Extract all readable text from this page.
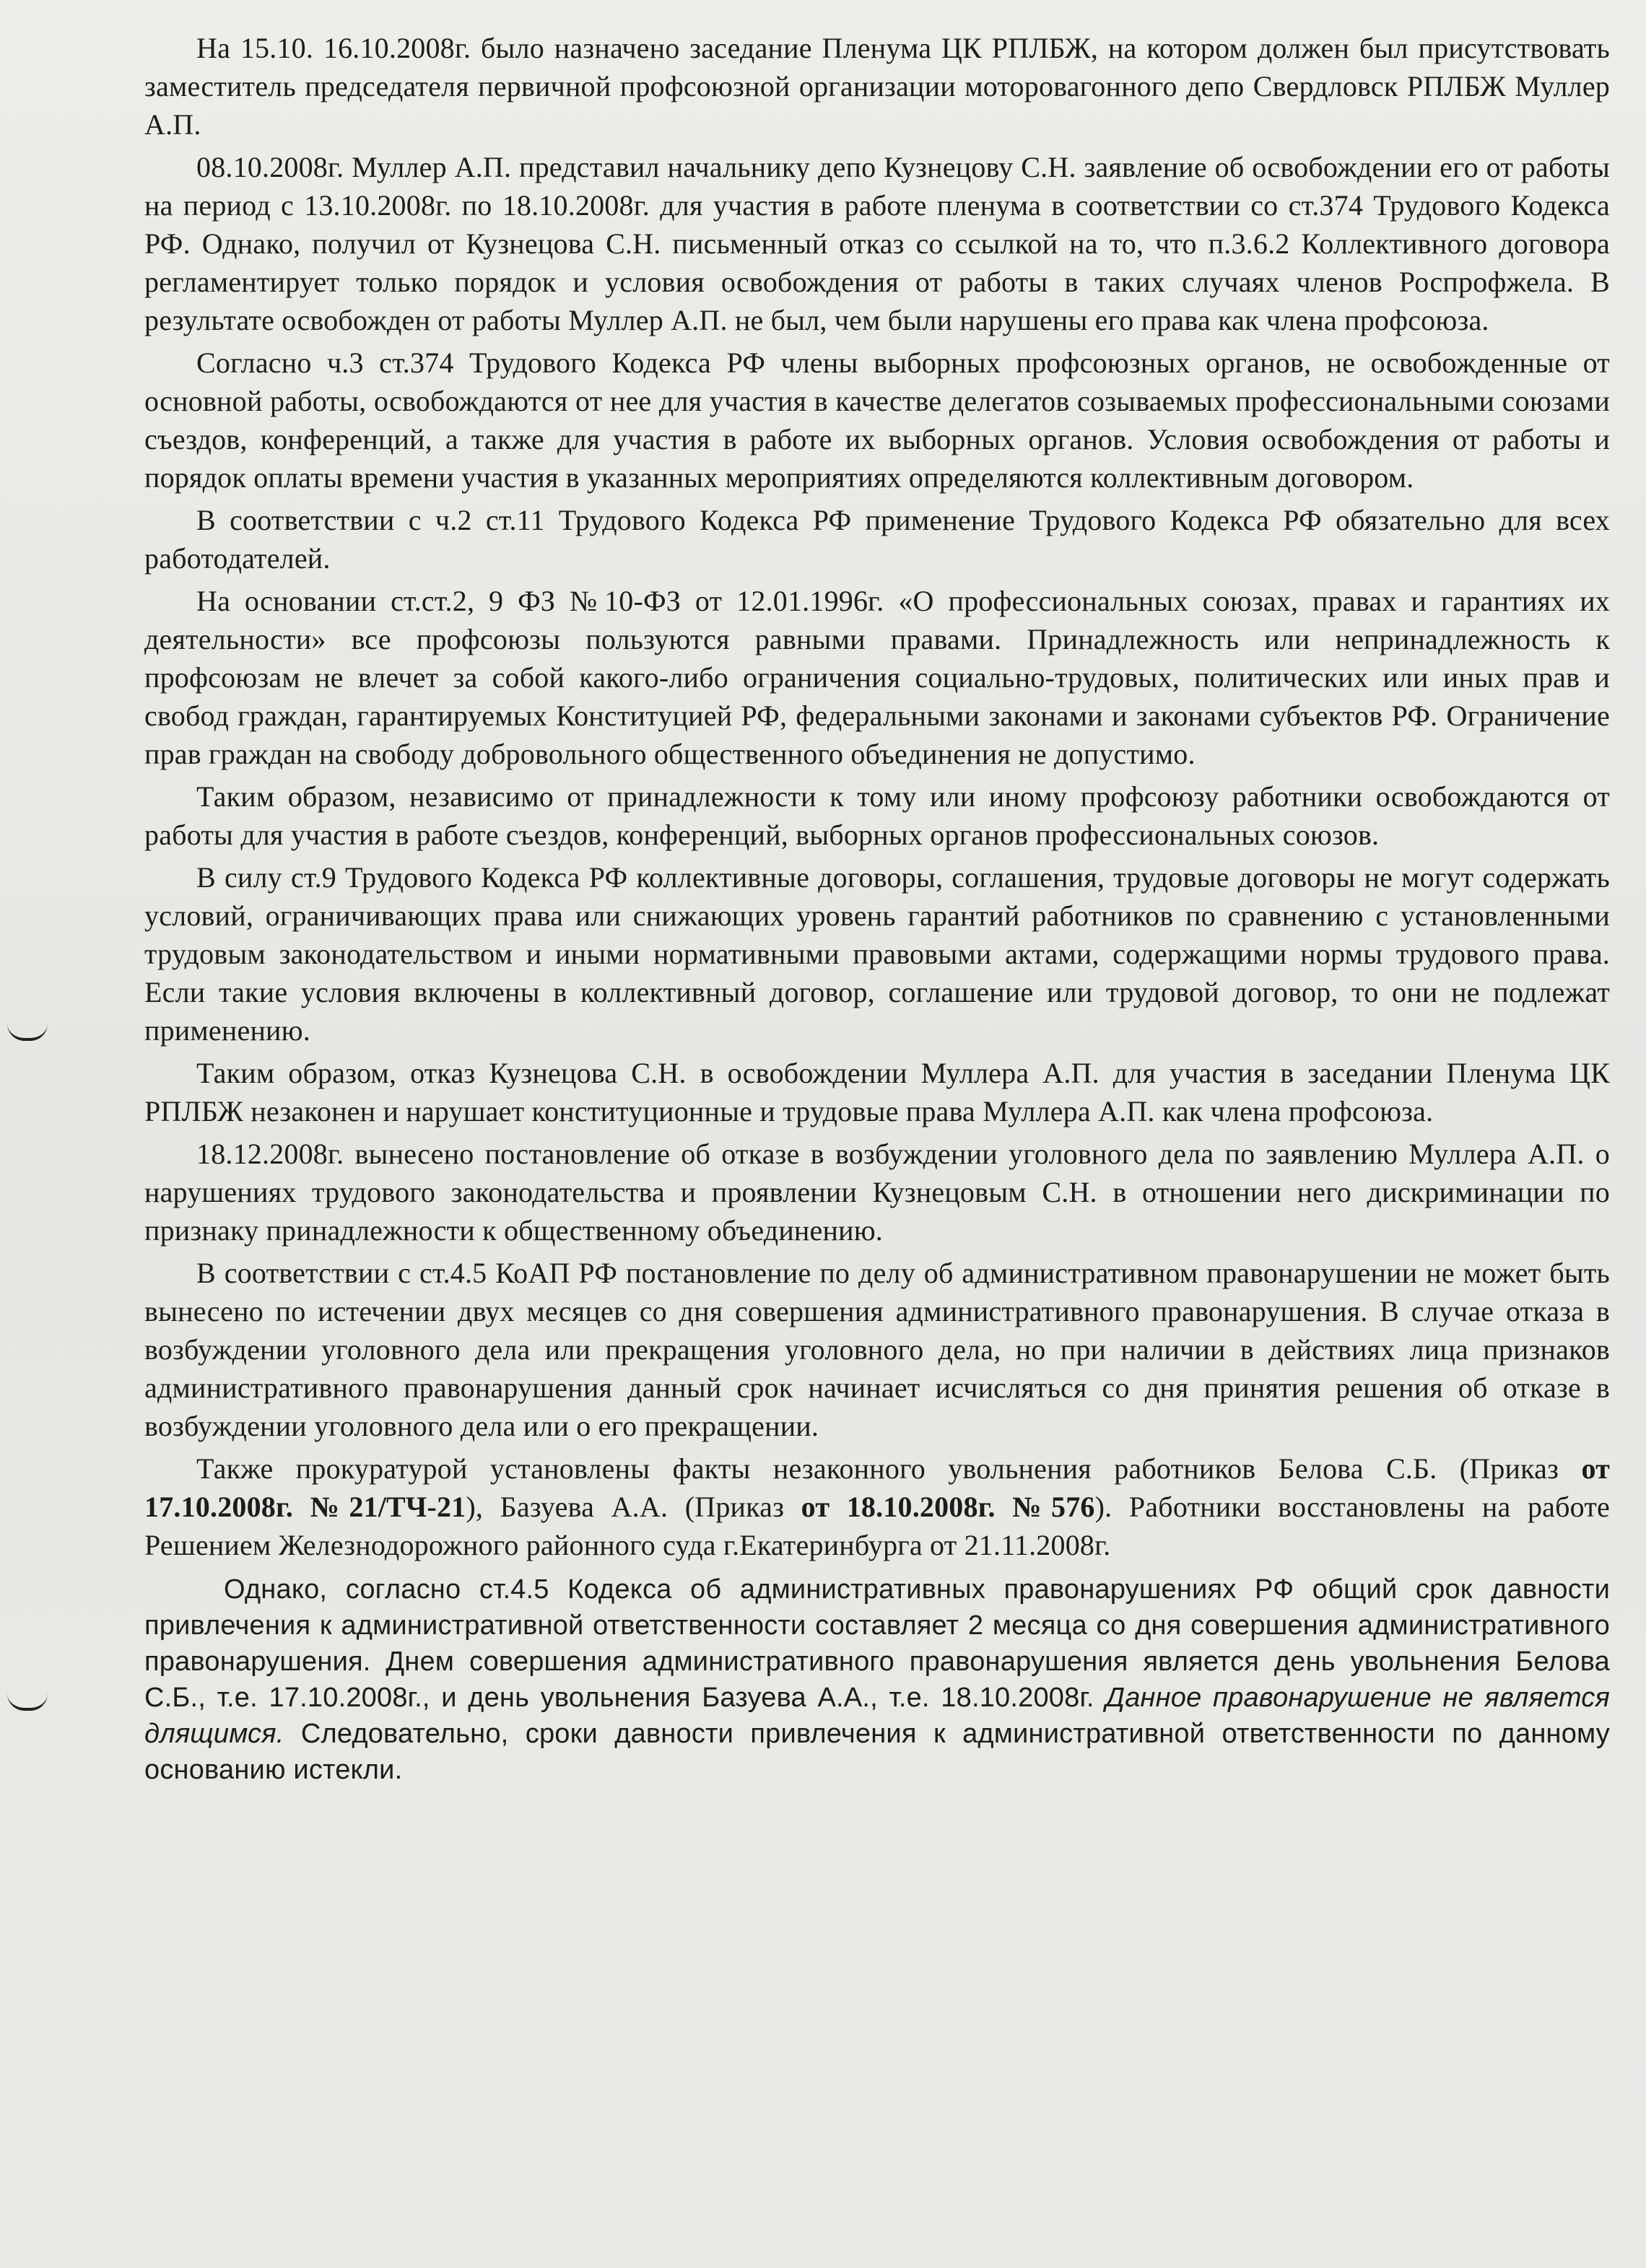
На 15.10. 16.10.2008г. было назначено заседание Пленума ЦК РПЛБЖ, на котором должен был присутствовать заместитель председателя первичной профсоюзной организации моторовагонного депо Свердловск РПЛБЖ Муллер А.П.

08.10.2008г. Муллер А.П. представил начальнику депо Кузнецову С.Н. заявление об освобождении его от работы на период с 13.10.2008г. по 18.10.2008г. для участия в работе пленума в соответствии со ст.374 Трудового Кодекса РФ. Однако, получил от Кузнецова С.Н. письменный отказ со ссылкой на то, что п.3.6.2 Коллективного договора регламентирует только порядок и условия освобождения от работы в таких случаях членов Роспрофжела. В результате освобожден от работы Муллер А.П. не был, чем были нарушены его права как члена профсоюза.

Согласно ч.3 ст.374 Трудового Кодекса РФ члены выборных профсоюзных органов, не освобожденные от основной работы, освобождаются от нее для участия в качестве делегатов созываемых профессиональными союзами съездов, конференций, а также для участия в работе их выборных органов. Условия освобождения от работы и порядок оплаты времени участия в указанных мероприятиях определяются коллективным договором.

В соответствии с ч.2 ст.11 Трудового Кодекса РФ применение Трудового Кодекса РФ обязательно для всех работодателей.

На основании ст.ст.2, 9 ФЗ №10-ФЗ от 12.01.1996г. «О профессиональных союзах, правах и гарантиях их деятельности» все профсоюзы пользуются равными правами. Принадлежность или непринадлежность к профсоюзам не влечет за собой какого-либо ограничения социально-трудовых, политических или иных прав и свобод граждан, гарантируемых Конституцией РФ, федеральными законами и законами субъектов РФ. Ограничение прав граждан на свободу добровольного общественного объединения не допустимо.

Таким образом, независимо от принадлежности к тому или иному профсоюзу работники освобождаются от работы для участия в работе съездов, конференций, выборных органов профессиональных союзов.

В силу ст.9 Трудового Кодекса РФ коллективные договоры, соглашения, трудовые договоры не могут содержать условий, ограничивающих права или снижающих уровень гарантий работников по сравнению с установленными трудовым законодательством и иными нормативными правовыми актами, содержащими нормы трудового права. Если такие условия включены в коллективный договор, соглашение или трудовой договор, то они не подлежат применению.

Таким образом, отказ Кузнецова С.Н. в освобождении Муллера А.П. для участия в заседании Пленума ЦК РПЛБЖ незаконен и нарушает конституционные и трудовые права Муллера А.П. как члена профсоюза.

18.12.2008г. вынесено постановление об отказе в возбуждении уголовного дела по заявлению Муллера А.П. о нарушениях трудового законодательства и проявлении Кузнецовым С.Н. в отношении него дискриминации по признаку принадлежности к общественному объединению.

В соответствии с ст.4.5 КоАП РФ постановление по делу об административном правонарушении не может быть вынесено по истечении двух месяцев со дня совершения административного правонарушения. В случае отказа в возбуждении уголовного дела или прекращения уголовного дела, но при наличии в действиях лица признаков административного правонарушения данный срок начинает исчисляться со дня принятия решения об отказе в возбуждении уголовного дела или о его прекращении.

Также прокуратурой установлены факты незаконного увольнения работников Белова С.Б. (Приказ от 17.10.2008г. №21/ТЧ-21), Базуева А.А. (Приказ от 18.10.2008г. №576). Работники восстановлены на работе Решением Железнодорожного районного суда г.Екатеринбурга от 21.11.2008г.

Однако, согласно ст.4.5 Кодекса об административных правонарушениях РФ общий срок давности привлечения к административной ответственности составляет 2 месяца со дня совершения административного правонарушения. Днем совершения административного правонарушения является день увольнения Белова С.Б., т.е. 17.10.2008г., и день увольнения Базуева А.А., т.е. 18.10.2008г. Данное правонарушение не является длящимся. Следовательно, сроки давности привлечения к административной ответственности по данному основанию истекли.
